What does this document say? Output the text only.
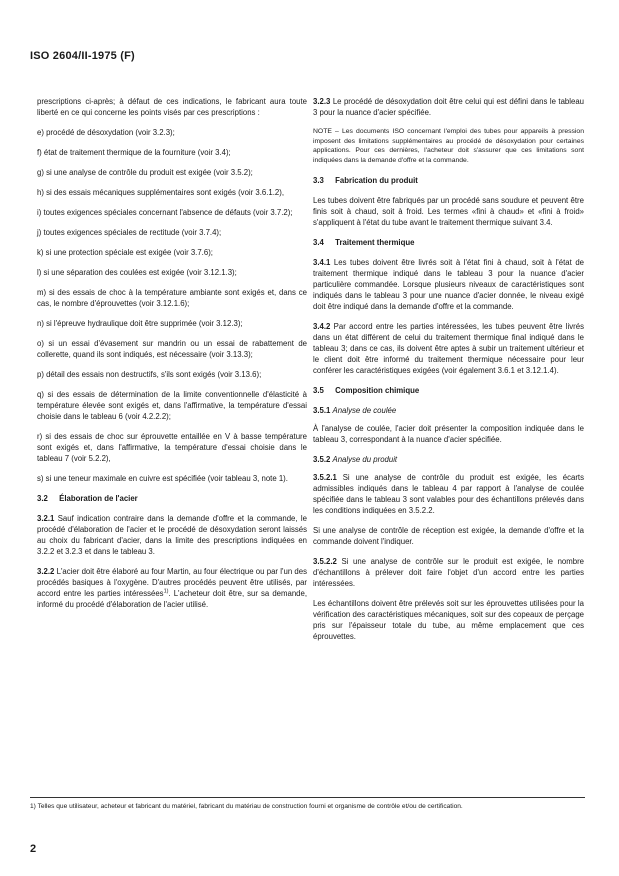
ISO 2604/II-1975 (F)

prescriptions ci-après; à défaut de ces indications, le fabricant aura toute liberté en ce qui concerne les points visés par ces prescriptions :

e) procédé de désoxydation (voir 3.2.3);

f) état de traitement thermique de la fourniture (voir 3.4);

g) si une analyse de contrôle du produit est exigée (voir 3.5.2);

h) si des essais mécaniques supplémentaires sont exigés (voir 3.6.1.2),

i) toutes exigences spéciales concernant l'absence de défauts (voir 3.7.2);

j) toutes exigences spéciales de rectitude (voir 3.7.4);

k) si une protection spéciale est exigée (voir 3.7.6);

l) si une séparation des coulées est exigée (voir 3.12.1.3);

m) si des essais de choc à la température ambiante sont exigés et, dans ce cas, le nombre d'éprouvettes (voir 3.12.1.6);

n) si l'épreuve hydraulique doit être supprimée (voir 3.12.3);

o) si un essai d'évasement sur mandrin ou un essai de rabattement de collerette, quand ils sont indiqués, est nécessaire (voir 3.13.3);

p) détail des essais non destructifs, s'ils sont exigés (voir 3.13.6);

q) si des essais de détermination de la limite conventionnelle d'élasticité à température élevée sont exigés et, dans l'affirmative, la température d'essai choisie dans le tableau 6 (voir 4.2.2.2);

r) si des essais de choc sur éprouvette entaillée en V à basse température sont exigés et, dans l'affirmative, la température d'essai choisie dans le tableau 7 (voir 5.2.2),

s) si une teneur maximale en cuivre est spécifiée (voir tableau 3, note 1).

3.2 Élaboration de l'acier

3.2.1 Sauf indication contraire dans la demande d'offre et la commande, le procédé d'élaboration de l'acier et le procédé de désoxydation seront laissés au choix du fabricant d'acier, dans la limite des prescriptions indiquées en 3.2.2 et 3.2.3 et dans le tableau 3.

3.2.2 L'acier doit être élaboré au four Martin, au four électrique ou par l'un des procédés basiques à l'oxygène. D'autres procédés peuvent être utilisés, par accord entre les parties intéressées$^{1)}$. L'acheteur doit être, sur sa demande, informé du procédé d'élaboration de l'acier utilisé.

3.2.3 Le procédé de désoxydation doit être celui qui est défini dans le tableau 3 pour la nuance d'acier spécifiée.

NOTE – Les documents ISO concernant l'emploi des tubes pour appareils à pression imposent des limitations supplémentaires au procédé de désoxydation pour certaines applications. Pour ces dernières, l'acheteur doit s'assurer que ces limitations sont indiquées dans la demande d'offre et la commande.

3.3 Fabrication du produit

Les tubes doivent être fabriqués par un procédé sans soudure et peuvent être finis soit à chaud, soit à froid. Les termes «fini à chaud» et «fini à froid» s'appliquent à l'état du tube avant le traitement thermique suivant 3.4.

3.4 Traitement thermique

3.4.1 Les tubes doivent être livrés soit à l'état fini à chaud, soit à l'état de traitement thermique indiqué dans le tableau 3 pour la nuance d'acier particulière commandée. Lorsque plusieurs niveaux de caractéristiques sont indiqués dans le tableau 3 pour une nuance d'acier donnée, le niveau exigé doit être indiqué dans la demande d'offre et la commande.

3.4.2 Par accord entre les parties intéressées, les tubes peuvent être livrés dans un état différent de celui du traitement thermique final indiqué dans le tableau 3; dans ce cas, ils doivent être aptes à subir un traitement ultérieur et le client doit être informé du traitement thermique nécessaire pour leur conférer les caractéristiques exigées (voir également 3.6.1 et 3.12.1.4).

3.5 Composition chimique

3.5.1 Analyse de coulée

À l'analyse de coulée, l'acier doit présenter la composition indiquée dans le tableau 3, correspondant à la nuance d'acier spécifiée.

3.5.2 Analyse du produit

3.5.2.1 Si une analyse de contrôle du produit est exigée, les écarts admissibles indiqués dans le tableau 4 par rapport à l'analyse de coulée spécifiée dans le tableau 3 sont valables pour des échantillons prélevés dans les conditions indiquées en 3.5.2.2.

Si une analyse de contrôle de réception est exigée, la demande d'offre et la commande doivent l'indiquer.

3.5.2.2 Si une analyse de contrôle sur le produit est exigée, le nombre d'échantillons à prélever doit faire l'objet d'un accord entre les parties intéressées.

Les échantillons doivent être prélevés soit sur les éprouvettes utilisées pour la vérification des caractéristiques mécaniques, soit sur des copeaux de perçage pris sur l'épaisseur totale du tube, au même emplacement que ces éprouvettes.

1) Telles que utilisateur, acheteur et fabricant du matériel, fabricant du matériau de construction fourni et organisme de contrôle et/ou de certification.
2
